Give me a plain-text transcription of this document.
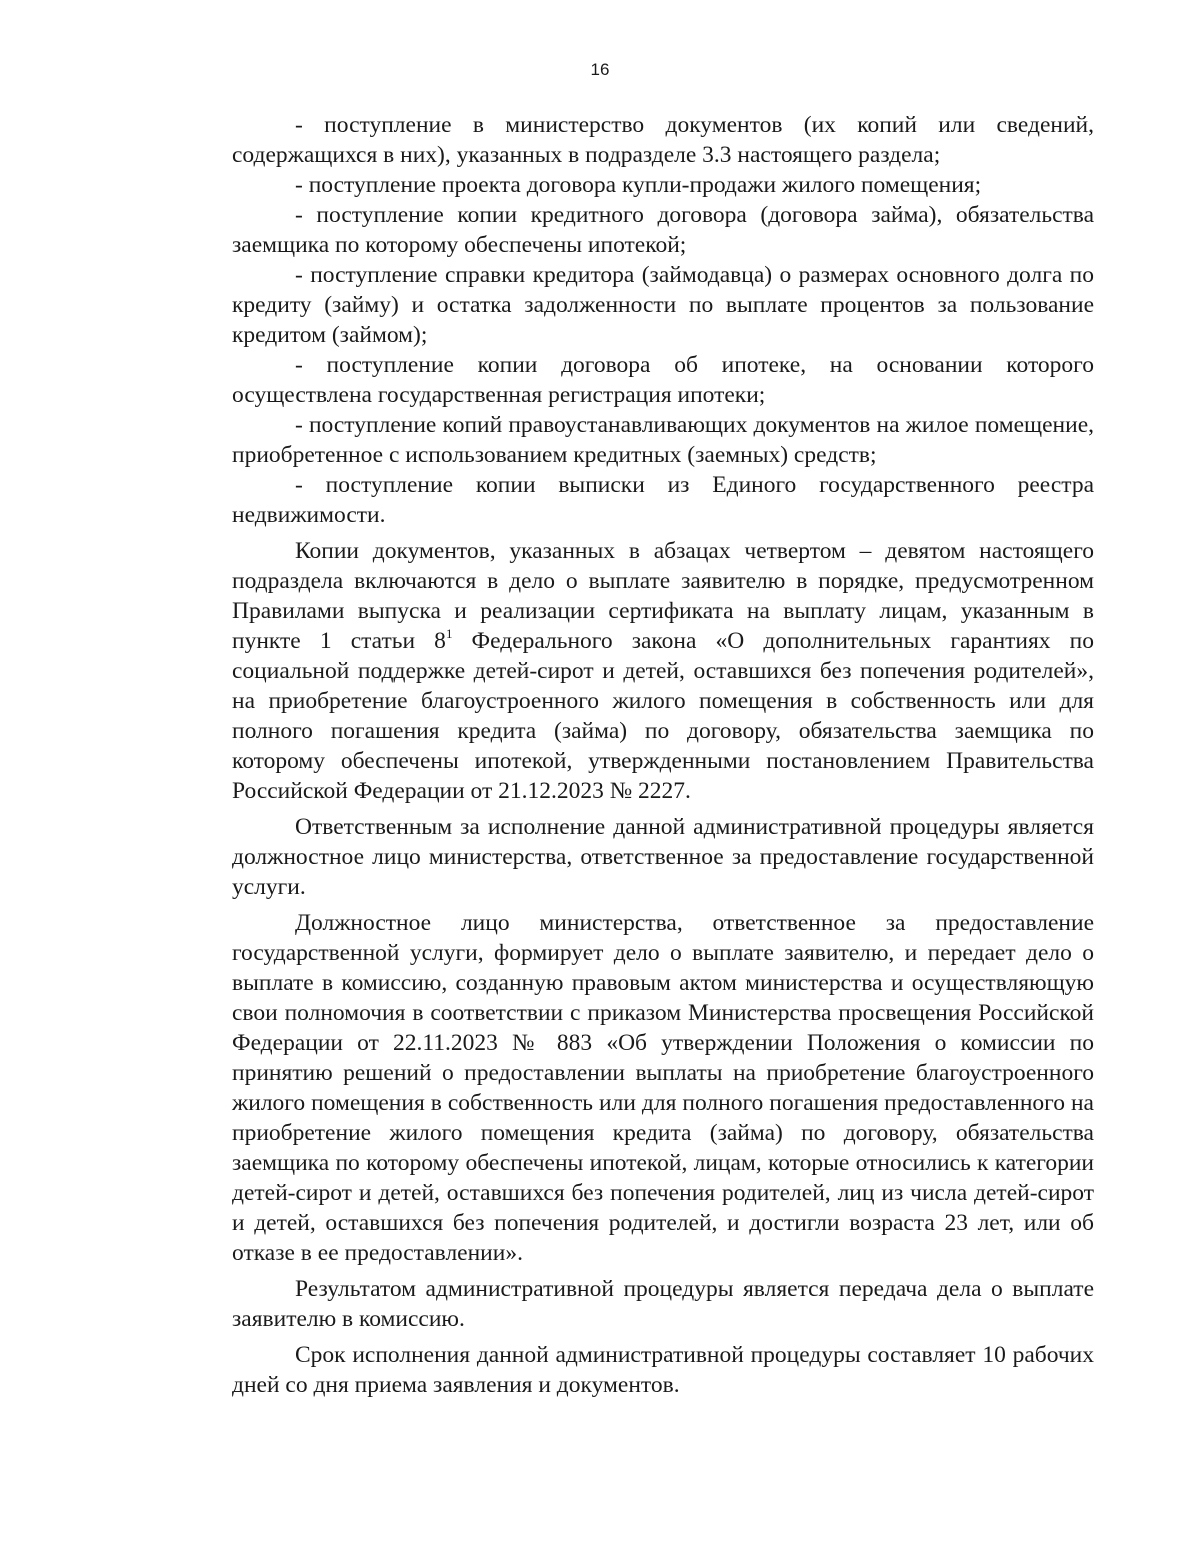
16

- поступление в министерство документов (их копий или сведений, содержащихся в них), указанных в подразделе 3.3 настоящего раздела;

- поступление проекта договора купли-продажи жилого помещения;

- поступление копии кредитного договора (договора займа), обязательства заемщика по которому обеспечены ипотекой;

- поступление справки кредитора (займодавца) о размерах основного долга по кредиту (займу) и остатка задолженности по выплате процентов за пользование кредитом (займом);

- поступление копии договора об ипотеке, на основании которого осуществлена государственная регистрация ипотеки;

- поступление копий правоустанавливающих документов на жилое помещение, приобретенное с использованием кредитных (заемных) средств;

- поступление копии выписки из Единого государственного реестра недвижимости.

Копии документов, указанных в абзацах четвертом – девятом настоящего подраздела включаются в дело о выплате заявителю в порядке, предусмотренном Правилами выпуска и реализации сертификата на выплату лицам, указанным в пункте 1 статьи $8^1$ Федерального закона «О дополнительных гарантиях по социальной поддержке детей-сирот и детей, оставшихся без попечения родителей», на приобретение благоустроенного жилого помещения в собственность или для полного погашения кредита (займа) по договору, обязательства заемщика по которому обеспечены ипотекой, утвержденными постановлением Правительства Российской Федерации от 21.12.2023 № 2227.

Ответственным за исполнение данной административной процедуры является должностное лицо министерства, ответственное за предоставление государственной услуги.

Должностное лицо министерства, ответственное за предоставление государственной услуги, формирует дело о выплате заявителю, и передает дело о выплате в комиссию, созданную правовым актом министерства и осуществляющую свои полномочия в соответствии с приказом Министерства просвещения Российской Федерации от 22.11.2023 № 883 «Об утверждении Положения о комиссии по принятию решений о предоставлении выплаты на приобретение благоустроенного жилого помещения в собственность или для полного погашения предоставленного на приобретение жилого помещения кредита (займа) по договору, обязательства заемщика по которому обеспечены ипотекой, лицам, которые относились к категории детей-сирот и детей, оставшихся без попечения родителей, лиц из числа детей-сирот и детей, оставшихся без попечения родителей, и достигли возраста 23 лет, или об отказе в ее предоставлении».

Результатом административной процедуры является передача дела о выплате заявителю в комиссию.

Срок исполнения данной административной процедуры составляет 10 рабочих дней со дня приема заявления и документов.
